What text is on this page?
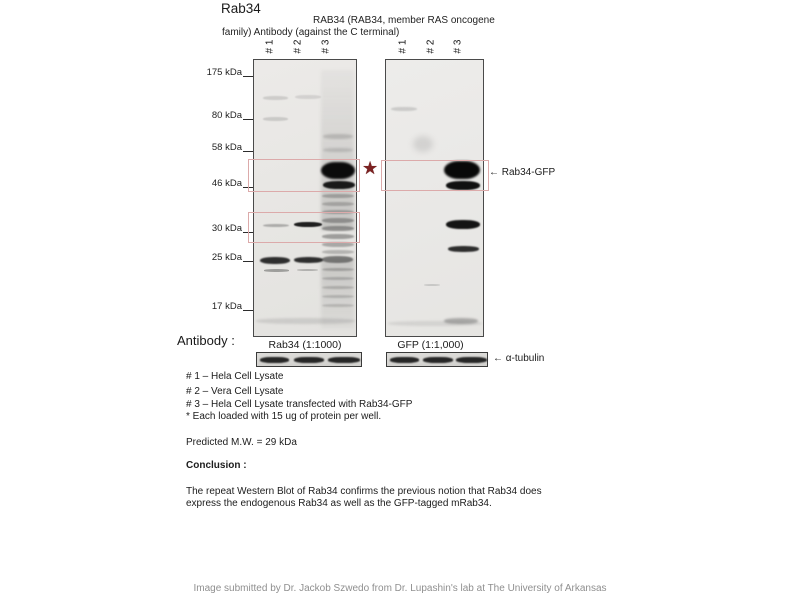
Rab34
RAB34 (RAB34, member RAS oncogene
family) Antibody (against the C terminal)
# 1	# 2	# 3	# 1	# 2	# 3
175 kDa
80 kDa
58 kDa
46 kDa
30 kDa
25 kDa
17 kDa
★	← Rab34-GFP
Antibody :	Rab34 (1:1000)	GFP (1:1,000)
← α-tubulin
# 1 – Hela Cell Lysate
# 2 – Vera Cell Lysate
# 3 – Hela Cell Lysate transfected with Rab34-GFP
* Each loaded with 15 ug of protein per well.
Predicted M.W. = 29 kDa
Conclusion :
The repeat Western Blot of Rab34 confirms the previous notion that Rab34 does
express the endogenous Rab34 as well as the GFP-tagged mRab34.
Image submitted by Dr. Jackob Szwedo from Dr. Lupashin's lab at The University of Arkansas
